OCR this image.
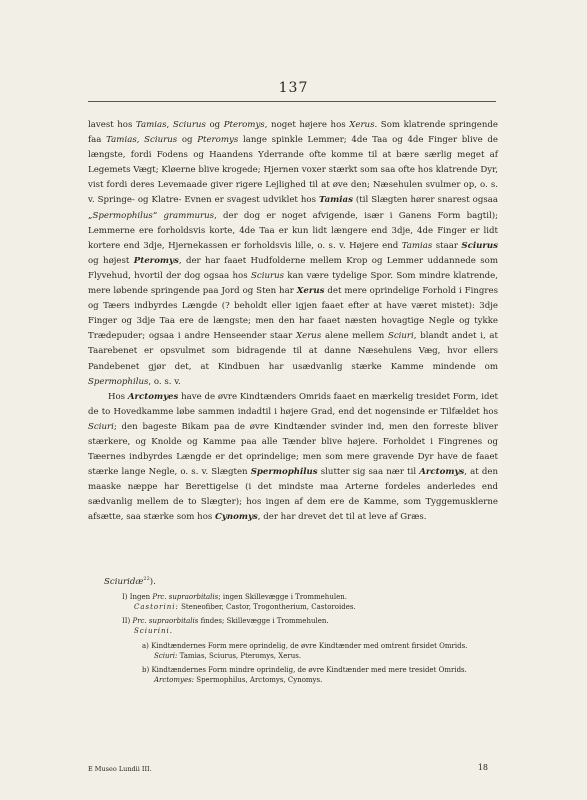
137

lavest hos Tamias, Sciurus og Pteromys, noget højere hos Xerus. Som klatrende springende faa Tamias, Sciurus og Pteromys lange spinkle Lemmer; 4de Taa og 4de Finger blive de længste, fordi Fodens og Haandens Yderrande ofte komme til at bære særlig meget af Legemets Vægt; Kløerne blive krogede; Hjernen voxer stærkt som saa ofte hos klatrende Dyr, vist fordi deres Levemaade giver rigere Lejlighed til at øve den; Næsehulen svulmer op, o. s. v. Springe- og Klatre- Evnen er svagest udviklet hos Tamias (til Slægten hører snarest ogsaa „Spermophilus“ grammurus, der dog er noget afvigende, især i Ganens Form bagtil); Lemmerne ere forholdsvis korte, 4de Taa er kun lidt længere end 3dje, 4de Finger er lidt kortere end 3dje, Hjernekassen er forholdsvis lille, o. s. v. Højere end Tamias staar Sciurus og højest Pteromys, der har faaet Hudfolderne mellem Krop og Lemmer uddannede som Flyvehud, hvortil der dog ogsaa hos Sciurus kan være tydelige Spor. Som mindre klatrende, mere løbende springende paa Jord og Sten har Xerus det mere oprindelige Forhold i Fingres og Tæers indbyrdes Længde (? beholdt eller igjen faaet efter at have været mistet): 3dje Finger og 3dje Taa ere de længste; men den har faaet næsten hovagtige Negle og tykke Trædepuder; ogsaa i andre Henseender staar Xerus alene mellem Sciuri, blandt andet i, at Taarebenet er opsvulmet som bidragende til at danne Næsehulens Væg, hvor ellers Pandebenet gjør det, at Kindbuen har usædvanlig stærke Kamme mindende om Spermophilus, o. s. v.

Hos Arctomyes have de øvre Kindtænders Omrids faaet en mærkelig tresidet Form, idet de to Hovedkamme løbe sammen indadtil i højere Grad, end det nogensinde er Tilfældet hos Sciuri; den bageste Bikam paa de øvre Kindtænder svinder ind, men den forreste bliver stærkere, og Knolde og Kamme paa alle Tænder blive højere. Forholdet i Fingrenes og Tæernes indbyrdes Længde er det oprindelige; men som mere gravende Dyr have de faaet stærke lange Negle, o. s. v. Slægten Spermophilus slutter sig saa nær til Arctomys, at den maaske næppe har Berettigelse (i det mindste maa Arterne fordeles anderledes end sædvanlig mellem de to Slægter); hos ingen af dem ere de Kamme, som Tyggemusklerne afsætte, saa stærke som hos Cynomys, der har drevet det til at leve af Græs.

Sciuridæ$^{22}$).
I) Ingen Prc. supraorbitalis; ingen Skillevægge i Trommehulen.
Castorini: Steneofiber, Castor, Trogontherium, Castoroides.
II) Prc. supraorbitalis findes; Skillevægge i Trommehulen.
Sciurini.
a) Kindtændernes Form mere oprindelig, de øvre Kindtænder med omtrent firsidet Omrids.
Sciuri: Tamias, Sciurus, Pteromys, Xerus.
b) Kindtændernes Form mindre oprindelig, de øvre Kindtænder med mere tresidet Omrids.
Arctomyes: Spermophilus, Arctomys, Cynomys.
E Museo Lundii III.	18
